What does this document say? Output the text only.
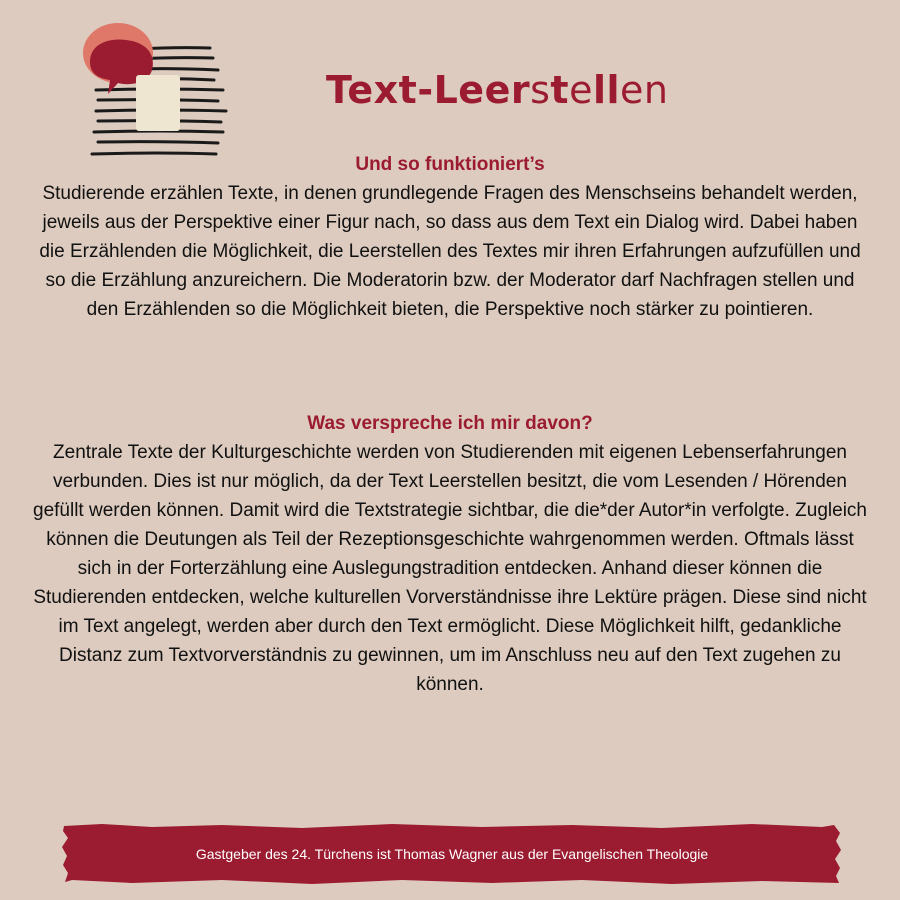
Text-Leerstellen
Und so funktioniert’s
Studierende erzählen Texte, in denen grundlegende Fragen des Menschseins behandelt werden, jeweils aus der Perspektive einer Figur nach, so dass aus dem Text ein Dialog wird. Dabei haben die Erzählenden die Möglichkeit, die Leerstellen des Textes mir ihren Erfahrungen aufzufüllen und so die Erzählung anzureichern. Die Moderatorin bzw. der Moderator darf Nachfragen stellen und den Erzählenden so die Möglichkeit bieten, die Perspektive noch stärker zu pointieren.
Was verspreche ich mir davon?
Zentrale Texte der Kulturgeschichte werden von Studierenden mit eigenen Lebenserfahrungen verbunden. Dies ist nur möglich, da der Text Leerstellen besitzt, die vom Lesenden / Hörenden gefüllt werden können. Damit wird die Textstrategie sichtbar, die die*der Autor*in verfolgte. Zugleich können die Deutungen als Teil der Rezeptionsgeschichte wahrgenommen werden. Oftmals lässt sich in der Forterzählung eine Auslegungstradition entdecken. Anhand dieser können die Studierenden entdecken, welche kulturellen Vorverständnisse ihre Lektüre prägen. Diese sind nicht im Text angelegt, werden aber durch den Text ermöglicht. Diese Möglichkeit hilft, gedankliche Distanz zum Textvorverständnis zu gewinnen, um im Anschluss neu auf den Text zugehen zu können.
Gastgeber des 24. Türchens ist Thomas Wagner aus der Evangelischen Theologie
